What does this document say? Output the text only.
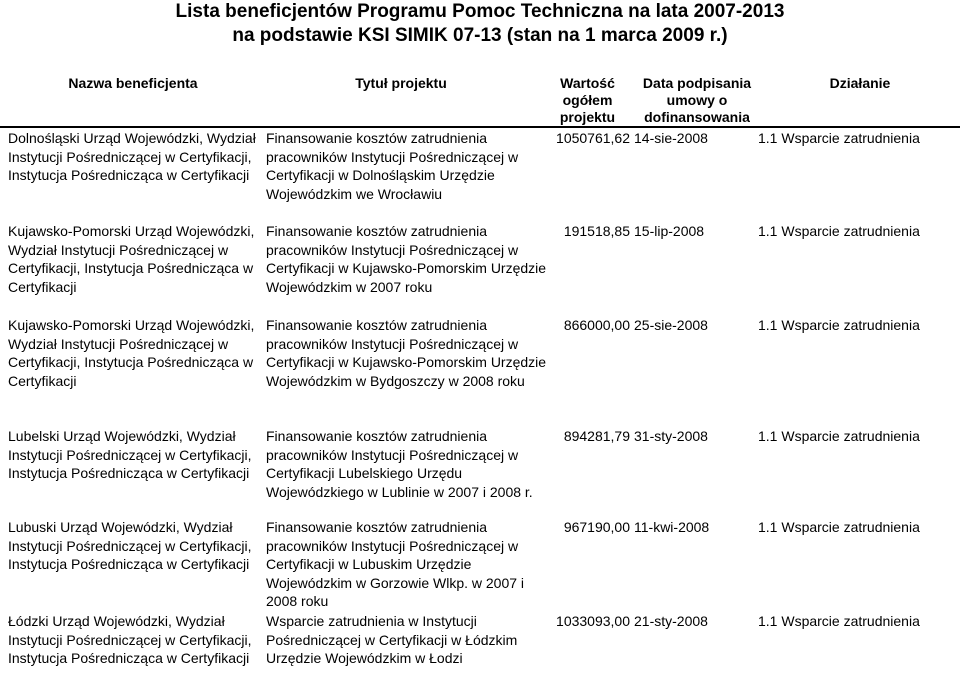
Lista beneficjentów Programu Pomoc Techniczna na lata 2007-2013
na podstawie KSI SIMIK 07-13 (stan na 1 marca 2009 r.)
Nazwa beneficjenta	Tytuł projektu	Wartość ogółem projektu
Data podpisania umowy o dofinansowania
Działanie
Dolnośląski Urząd Wojewódzki, Wydział Instytucji Pośredniczącej w Certyfikacji, Instytucja Pośrednicząca w Certyfikacji
Finansowanie kosztów zatrudnienia pracowników Instytucji Pośredniczącej w Certyfikacji w Dolnośląskim Urzędzie Wojewódzkim we Wrocławiu
1050761,62 14-sie-2008	1.1 Wsparcie zatrudnienia
Kujawsko-Pomorski Urząd Wojewódzki, Wydział Instytucji Pośredniczącej w Certyfikacji, Instytucja Pośrednicząca w Certyfikacji
Finansowanie kosztów zatrudnienia pracowników Instytucji Pośredniczącej w Certyfikacji w Kujawsko-Pomorskim Urzędzie Wojewódzkim w 2007 roku
191518,85 15-lip-2008	1.1 Wsparcie zatrudnienia
Kujawsko-Pomorski Urząd Wojewódzki, Wydział Instytucji Pośredniczącej w Certyfikacji, Instytucja Pośrednicząca w Certyfikacji
Finansowanie kosztów zatrudnienia pracowników Instytucji Pośredniczącej w Certyfikacji w Kujawsko-Pomorskim Urzędzie Wojewódzkim w Bydgoszczy w 2008 roku
866000,00 25-sie-2008	1.1 Wsparcie zatrudnienia
Lubelski Urząd Wojewódzki, Wydział Instytucji Pośredniczącej w Certyfikacji, Instytucja Pośrednicząca w Certyfikacji
Finansowanie kosztów zatrudnienia pracowników Instytucji Pośredniczącej w Certyfikacji Lubelskiego Urzędu Wojewódzkiego w Lublinie w 2007 i 2008 r.
894281,79 31-sty-2008	1.1 Wsparcie zatrudnienia
Lubuski Urząd Wojewódzki, Wydział Instytucji Pośredniczącej w Certyfikacji, Instytucja Pośrednicząca w Certyfikacji
Finansowanie kosztów zatrudnienia pracowników Instytucji Pośredniczącej w Certyfikacji w Lubuskim Urzędzie Wojewódzkim w Gorzowie Wlkp. w 2007 i 2008 roku
967190,00 11-kwi-2008	1.1 Wsparcie zatrudnienia
Łódzki Urząd Wojewódzki, Wydział Instytucji Pośredniczącej w Certyfikacji, Instytucja Pośrednicząca w Certyfikacji
Wsparcie zatrudnienia w Instytucji Pośredniczącej w Certyfikacji w Łódzkim Urzędzie Wojewódzkim w Łodzi
1033093,00 21-sty-2008	1.1 Wsparcie zatrudnienia
